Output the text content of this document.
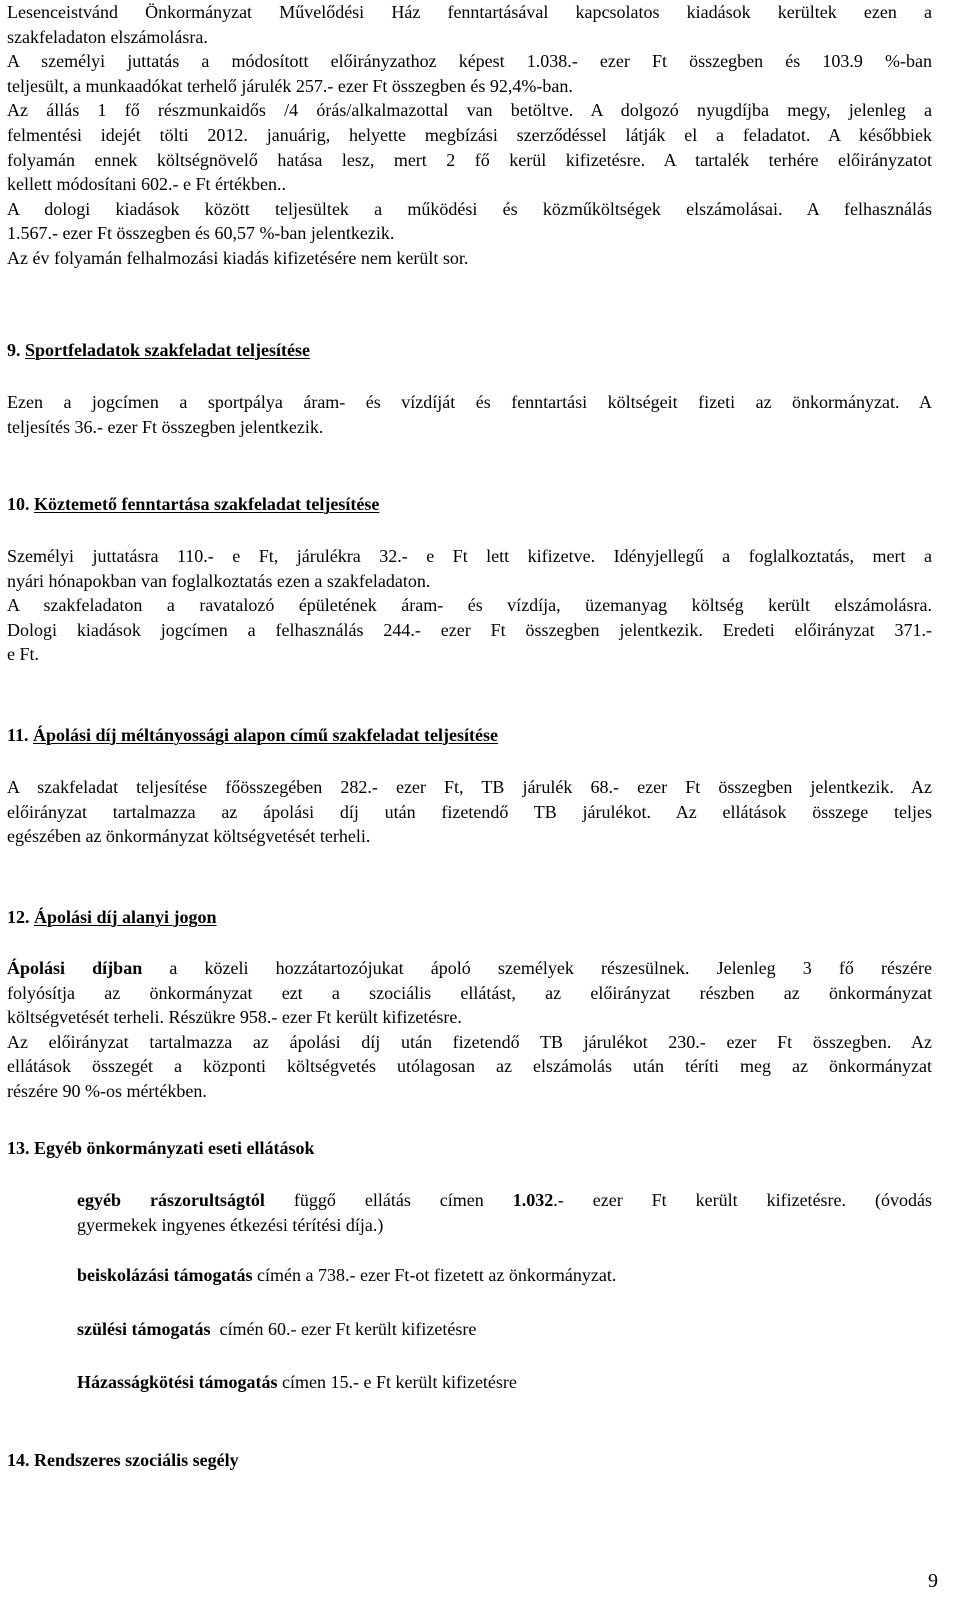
Lesenceistvánd Önkormányzat Művelődési Ház fenntartásával kapcsolatos kiadások kerültek ezen a
szakfeladaton elszámolásra.
A személyi juttatás a módosított előirányzathoz képest 1.038.- ezer Ft összegben és 103.9 %-ban
teljesült, a munkaadókat terhelő járulék 257.- ezer Ft összegben és 92,4%-ban.
Az állás 1 fő részmunkaidős /4 órás/alkalmazottal van betöltve. A dolgozó nyugdíjba megy, jelenleg a
felmentési idejét tölti 2012. januárig, helyette megbízási szerződéssel látják el a feladatot. A későbbiek
folyamán ennek költségnövelő hatása lesz, mert 2 fő kerül kifizetésre. A tartalék terhére előirányzatot
kellett módosítani 602.- e Ft értékben..
A dologi kiadások között teljesültek a működési és közműköltségek elszámolásai. A felhasználás
1.567.- ezer Ft összegben és 60,57 %-ban jelentkezik.
Az év folyamán felhalmozási kiadás kifizetésére nem került sor.
9. Sportfeladatok szakfeladat teljesítése
Ezen a jogcímen a sportpálya áram- és vízdíját és fenntartási költségeit fizeti az önkormányzat. A
teljesítés 36.- ezer Ft összegben jelentkezik.
10. Köztemető fenntartása szakfeladat teljesítése
Személyi juttatásra 110.- e Ft, járulékra 32.- e Ft lett kifizetve. Idényjellegű a foglalkoztatás, mert a
nyári hónapokban van foglalkoztatás ezen a szakfeladaton.
A szakfeladaton a ravatalozó épületének áram- és vízdíja, üzemanyag költség került elszámolásra.
Dologi kiadások jogcímen a felhasználás 244.- ezer Ft összegben jelentkezik. Eredeti előirányzat 371.-
e Ft.
11. Ápolási díj méltányossági alapon című szakfeladat teljesítése
A szakfeladat teljesítése főösszegében 282.- ezer Ft, TB járulék 68.- ezer Ft összegben jelentkezik. Az
előirányzat tartalmazza az ápolási díj után fizetendő TB járulékot. Az ellátások összege teljes
egészében az önkormányzat költségvetését terheli.
12. Ápolási díj alanyi jogon
Ápolási díjban a közeli hozzátartozójukat ápoló személyek részesülnek. Jelenleg 3 fő részére
folyósítja az önkormányzat ezt a szociális ellátást, az előirányzat részben az önkormányzat
költségvetését terheli. Részükre 958.- ezer Ft került kifizetésre.
Az előirányzat tartalmazza az ápolási díj után fizetendő TB járulékot 230.- ezer Ft összegben. Az
ellátások összegét a központi költségvetés utólagosan az elszámolás után téríti meg az önkormányzat
részére 90 %-os mértékben.
13. Egyéb önkormányzati eseti ellátások
egyéb rászorultságtól függő ellátás címen 1.032.- ezer Ft került kifizetésre. (óvodás
gyermekek ingyenes étkezési térítési díja.)
beiskolázási támogatás címén a 738.- ezer Ft-ot fizetett az önkormányzat.
szülési támogatás  címén 60.- ezer Ft került kifizetésre
Házasságkötési támogatás címen 15.- e Ft került kifizetésre
14. Rendszeres szociális segély
9
